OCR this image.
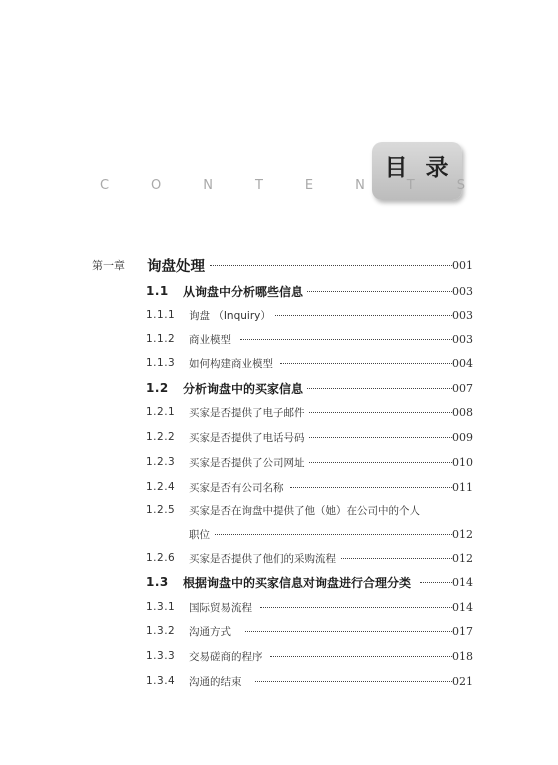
目 录
C	O	N	T	E	N	T	S
第一章 询盘处理	001
1.1 从询盘中分析哪些信息	003
1.1.1 询盘 （Inquiry）	003
1.1.2 商业模型	003
1.1.3 如何构建商业模型	004
1.2 分析询盘中的买家信息	007
1.2.1 买家是否提供了电子邮件	008
1.2.2 买家是否提供了电话号码	009
1.2.3 买家是否提供了公司网址	010
1.2.4 买家是否有公司名称	011
1.2.5 买家是否在询盘中提供了他（她）在公司中的个人
职位	012
1.2.6 买家是否提供了他们的采购流程	012
1.3 根据询盘中的买家信息对询盘进行合理分类	014
1.3.1 国际贸易流程	014
1.3.2 沟通方式	017
1.3.3 交易磋商的程序	018
1.3.4 沟通的结束	021
